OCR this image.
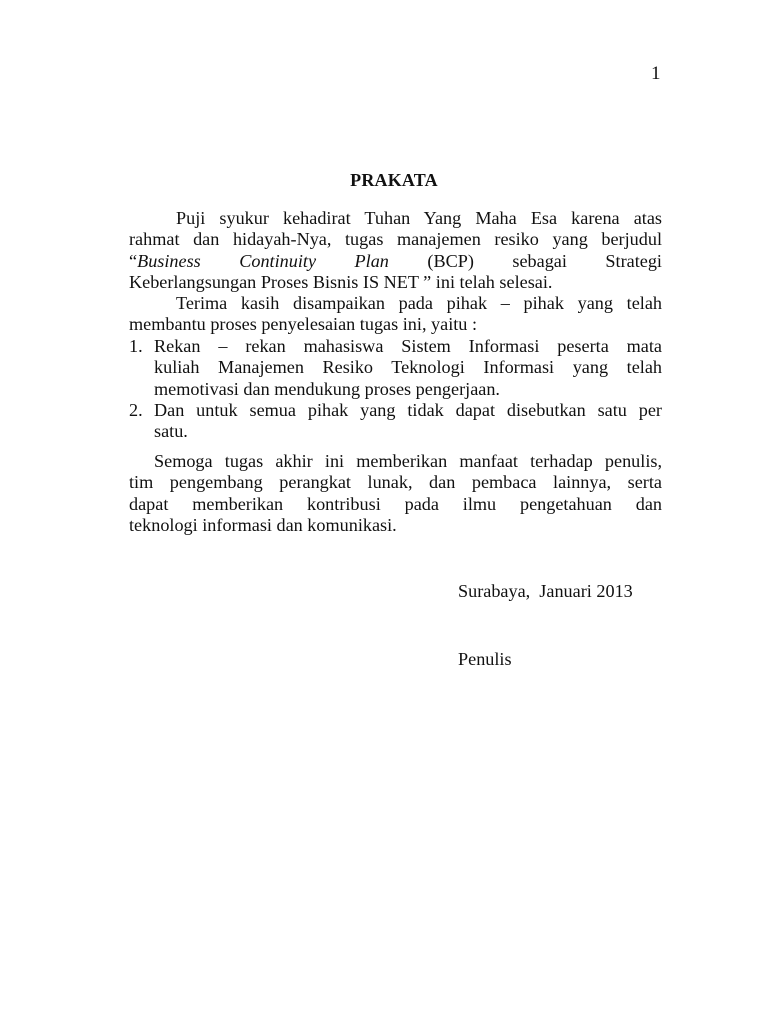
1
PRAKATA
Puji syukur kehadirat Tuhan Yang Maha Esa karena atas
rahmat dan hidayah-Nya, tugas manajemen resiko yang berjudul
“Business Continuity Plan (BCP) sebagai Strategi
Keberlangsungan Proses Bisnis IS NET ” ini telah selesai.
Terima kasih disampaikan pada pihak – pihak yang telah
membantu proses penyelesaian tugas ini, yaitu :
1. Rekan – rekan mahasiswa Sistem Informasi peserta mata
kuliah Manajemen Resiko Teknologi Informasi yang telah
memotivasi dan mendukung proses pengerjaan.
2. Dan untuk semua pihak yang tidak dapat disebutkan satu per
satu.
Semoga tugas akhir ini memberikan manfaat terhadap penulis,
tim pengembang perangkat lunak, dan pembaca lainnya, serta
dapat memberikan kontribusi pada ilmu pengetahuan dan
teknologi informasi dan komunikasi.
Surabaya,  Januari 2013
Penulis
